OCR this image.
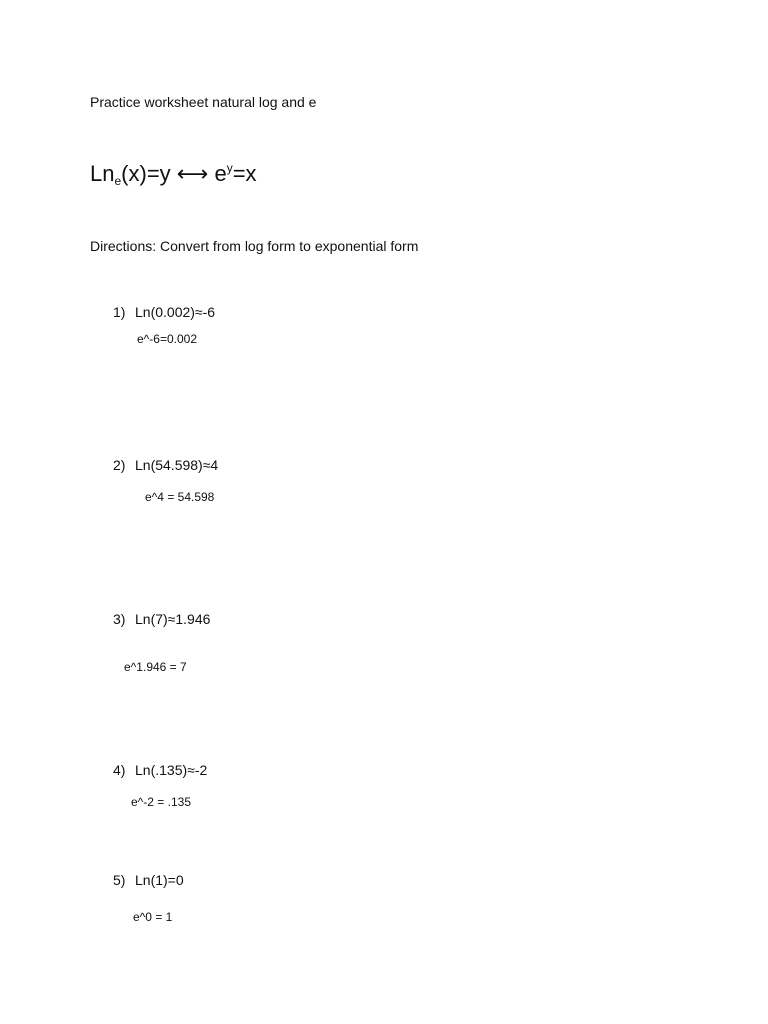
Practice worksheet natural log and e
Lne(x)=y ⟷ $e^y=x$
Directions: Convert from log form to exponential form
1) Ln(0.002)≈-6
e^-6=0.002
2) Ln(54.598)≈4
e^4 = 54.598
3) Ln(7)≈1.946
e^1.946 = 7
4) Ln(.135)≈-2
e^-2 = .135
5) Ln(1)=0
e^0 = 1
